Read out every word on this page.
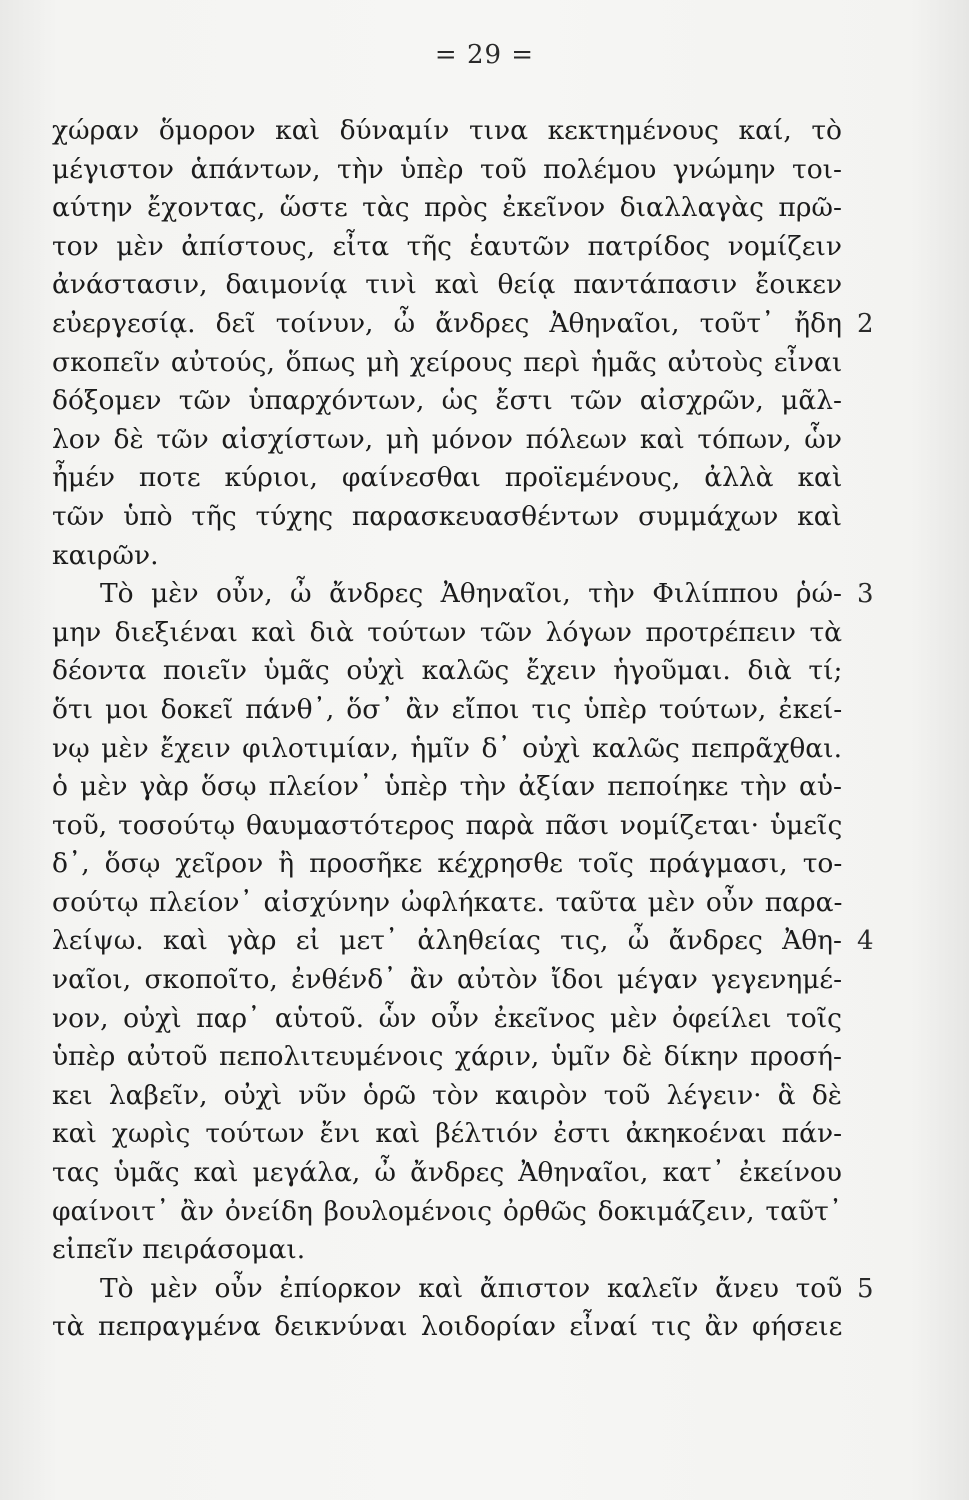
= 29 =
χώραν ὅμορον καὶ δύναμίν τινα κεκτημένους καί, τὸ
μέγιστον ἁπάντων, τὴν ὑπὲρ τοῦ πολέμου γνώμην τοι-
αύτην ἔχοντας, ὥστε τὰς πρὸς ἐκεῖνον διαλλαγὰς πρῶ-
τον μὲν ἀπίστους, εἶτα τῆς ἑαυτῶν πατρίδος νομίζειν
ἀνάστασιν, δαιμονίᾳ τινὶ καὶ θείᾳ παντάπασιν ἔοικεν
εὐεργεσίᾳ. δεῖ τοίνυν, ὦ ἄνδρες Ἀθηναῖοι, τοῦτ᾽ ἤδη 2
σκοπεῖν αὐτούς, ὅπως μὴ χείρους περὶ ἡμᾶς αὐτοὺς εἶναι
δόξομεν τῶν ὑπαρχόντων, ὡς ἔστι τῶν αἰσχρῶν, μᾶλ-
λον δὲ τῶν αἰσχίστων, μὴ μόνον πόλεων καὶ τόπων, ὧν
ἦμέν ποτε κύριοι, φαίνεσθαι προϊεμένους, ἀλλὰ καὶ
τῶν ὑπὸ τῆς τύχης παρασκευασθέντων συμμάχων καὶ
καιρῶν.
Τὸ μὲν οὖν, ὦ ἄνδρες Ἀθηναῖοι, τὴν Φιλίππου ῥώ- 3
μην διεξιέναι καὶ διὰ τούτων τῶν λόγων προτρέπειν τὰ
δέοντα ποιεῖν ὑμᾶς οὐχὶ καλῶς ἔχειν ἡγοῦμαι. διὰ τί;
ὅτι μοι δοκεῖ πάνθ᾽, ὅσ᾽ ἂν εἴποι τις ὑπὲρ τούτων, ἐκεί-
νῳ μὲν ἔχειν φιλοτιμίαν, ἡμῖν δ᾽ οὐχὶ καλῶς πεπρᾶχθαι.
ὁ μὲν γὰρ ὅσῳ πλείον᾽ ὑπὲρ τὴν ἀξίαν πεποίηκε τὴν αὑ-
τοῦ, τοσούτῳ θαυμαστότερος παρὰ πᾶσι νομίζεται· ὑμεῖς
δ᾽, ὅσῳ χεῖρον ἢ προσῆκε κέχρησθε τοῖς πράγμασι, το-
σούτῳ πλείον᾽ αἰσχύνην ὠφλήκατε. ταῦτα μὲν οὖν παρα-
λείψω. καὶ γὰρ εἰ μετ᾽ ἀληθείας τις, ὦ ἄνδρες Ἀθη- 4
ναῖοι, σκοποῖτο, ἐνθένδ᾽ ἂν αὐτὸν ἴδοι μέγαν γεγενημέ-
νον, οὐχὶ παρ᾽ αὑτοῦ. ὧν οὖν ἐκεῖνος μὲν ὀφείλει τοῖς
ὑπὲρ αὐτοῦ πεπολιτευμένοις χάριν, ὑμῖν δὲ δίκην προσή-
κει λαβεῖν, οὐχὶ νῦν ὁρῶ τὸν καιρὸν τοῦ λέγειν· ἃ δὲ
καὶ χωρὶς τούτων ἔνι καὶ βέλτιόν ἐστι ἀκηκοέναι πάν-
τας ὑμᾶς καὶ μεγάλα, ὦ ἄνδρες Ἀθηναῖοι, κατ᾽ ἐκείνου
φαίνοιτ᾽ ἂν ὀνείδη βουλομένοις ὀρθῶς δοκιμάζειν, ταῦτ᾽
εἰπεῖν πειράσομαι.
Τὸ μὲν οὖν ἐπίορκον καὶ ἄπιστον καλεῖν ἄνευ τοῦ 5
τὰ πεπραγμένα δεικνύναι λοιδορίαν εἶναί τις ἂν φήσειε
